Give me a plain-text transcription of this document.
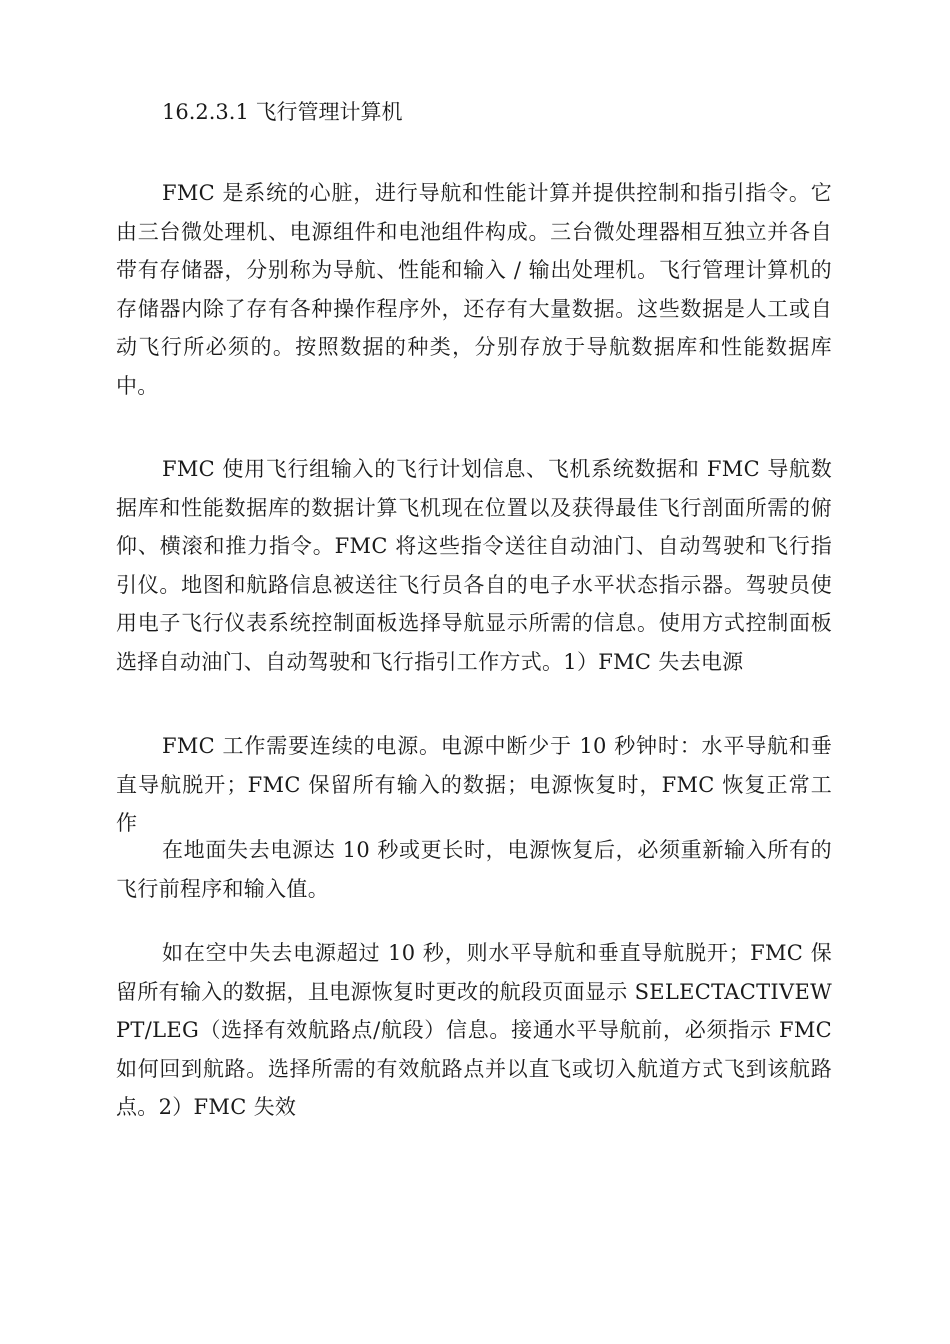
16.2.3.1 飞行管理计算机

FMC 是系统的心脏，进行导航和性能计算并提供控制和指引指令。它由三台微处理机、电源组件和电池组件构成。三台微处理器相互独立并各自带有存储器，分别称为导航、性能和输入 / 输出处理机。飞行管理计算机的存储器内除了存有各种操作程序外，还存有大量数据。这些数据是人工或自动飞行所必须的。按照数据的种类，分别存放于导航数据库和性能数据库中。

FMC 使用飞行组输入的飞行计划信息、飞机系统数据和 FMC 导航数据库和性能数据库的数据计算飞机现在位置以及获得最佳飞行剖面所需的俯仰、横滚和推力指令。FMC 将这些指令送往自动油门、自动驾驶和飞行指引仪。地图和航路信息被送往飞行员各自的电子水平状态指示器。驾驶员使用电子飞行仪表系统控制面板选择导航显示所需的信息。使用方式控制面板选择自动油门、自动驾驶和飞行指引工作方式。1）FMC 失去电源

FMC 工作需要连续的电源。电源中断少于 10 秒钟时：水平导航和垂直导航脱开；FMC 保留所有输入的数据；电源恢复时，FMC 恢复正常工作

在地面失去电源达 10 秒或更长时，电源恢复后，必须重新输入所有的飞行前程序和输入值。

如在空中失去电源超过 10 秒，则水平导航和垂直导航脱开；FMC 保留所有输入的数据，且电源恢复时更改的航段页面显示 SELECTACTIVEWPT/LEG（选择有效航路点/航段）信息。接通水平导航前，必须指示 FMC 如何回到航路。选择所需的有效航路点并以直飞或切入航道方式飞到该航路点。2）FMC 失效
